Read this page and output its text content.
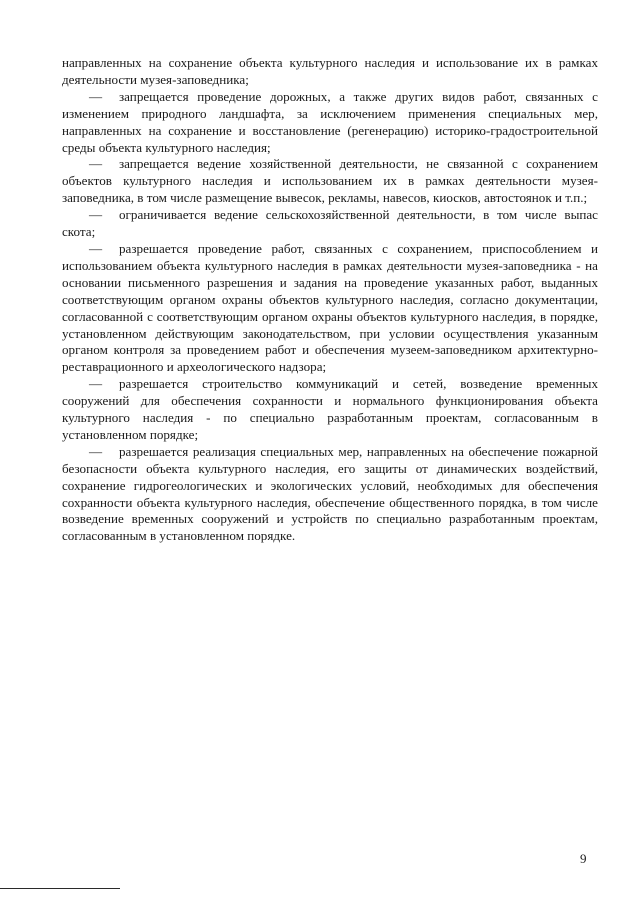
направленных на сохранение объекта культурного наследия и использование их в рамках деятельности музея-заповедника;

— запрещается проведение дорожных, а также других видов работ, связанных с изменением природного ландшафта, за исключением применения специальных мер, направленных на сохранение и восстановление (регенерацию) историко-градостроительной среды объекта культурного наследия;

— запрещается ведение хозяйственной деятельности, не связанной с сохранением объектов культурного наследия и использованием их в рамках деятельности музея-заповедника, в том числе размещение вывесок, рекламы, навесов, киосков, автостоянок и т.п.;

— ограничивается ведение сельскохозяйственной деятельности, в том числе выпас скота;

— разрешается проведение работ, связанных с сохранением, приспособлением и использованием объекта культурного наследия в рамках деятельности музея-заповедника - на основании письменного разрешения и задания на проведение указанных работ, выданных соответствующим органом охраны объектов культурного наследия, согласно документации, согласованной с соответствующим органом охраны объектов культурного наследия, в порядке, установленном действующим законодательством, при условии осуществления указанным органом контроля за проведением работ и обеспечения музеем-заповедником архитектурно-реставрационного и археологического надзора;

— разрешается строительство коммуникаций и сетей, возведение временных сооружений для обеспечения сохранности и нормального функционирования объекта культурного наследия - по специально разработанным проектам, согласованным в установленном порядке;

— разрешается реализация специальных мер, направленных на обеспечение пожарной безопасности объекта культурного наследия, его защиты от динамических воздействий, сохранение гидрогеологических и экологических условий, необходимых для обеспечения сохранности объекта культурного наследия, обеспечение общественного порядка, в том числе возведение временных сооружений и устройств по специально разработанным проектам, согласованным в установленном порядке.

9
